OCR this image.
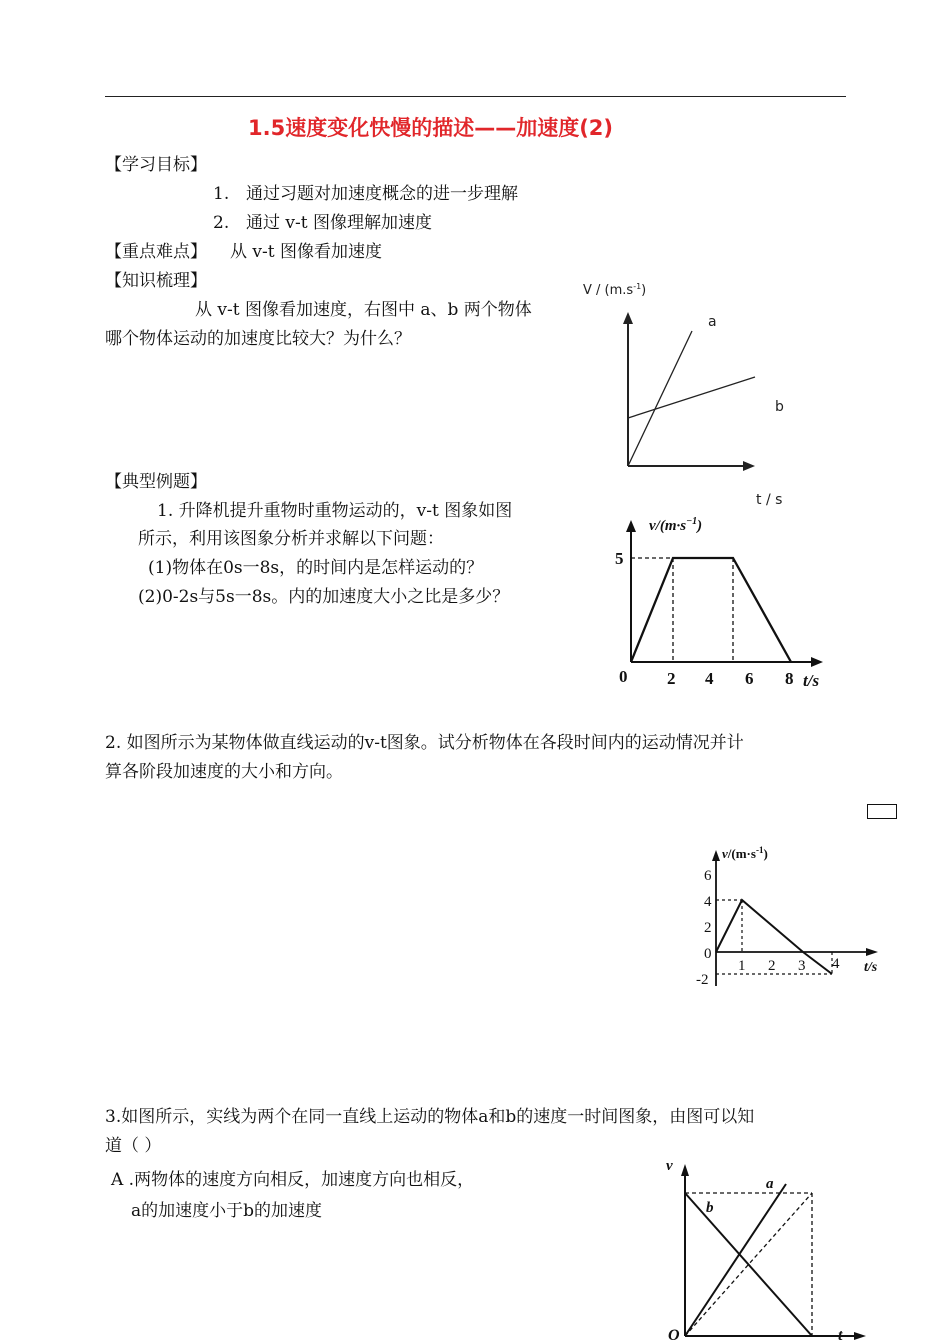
1.5速度变化快慢的描述——加速度(2)
【学习目标】
1. 通过习题对加速度概念的进一步理解
2. 通过 v-t 图像理解加速度
【重点难点】 从 v-t 图像看加速度
【知识梳理】
从 v-t 图像看加速度，右图中 a、b 两个物体
哪个物体运动的加速度比较大？为什么？
V / $(m.s^{-1})$
a
b
t / s
【典型例题】
1. 升降机提升重物时重物运动的，v-t 图象如图
所示，利用该图象分析并求解以下问题：
(1)物体在0s一8s，的时间内是怎样运动的？
(2)0-2s与5s一8s。内的加速度大小之比是多少？
$v/(m\cdot s^{-1})$
5
0 2 4 6 8 t/s
2. 如图所示为某物体做直线运动的v-t图象。试分析物体在各段时间内的运动情况并计
算各阶段加速度的大小和方向。
$v/(m\cdot s^{-1})$
6
4
2
0
-2
1 2 3 4 t/s
3.如图所示，实线为两个在同一直线上运动的物体a和b的速度一时间图象，由图可以知
道（ ）
A .两物体的速度方向相反，加速度方向也相反，
a的加速度小于b的加速度
v
a
b
O	t
